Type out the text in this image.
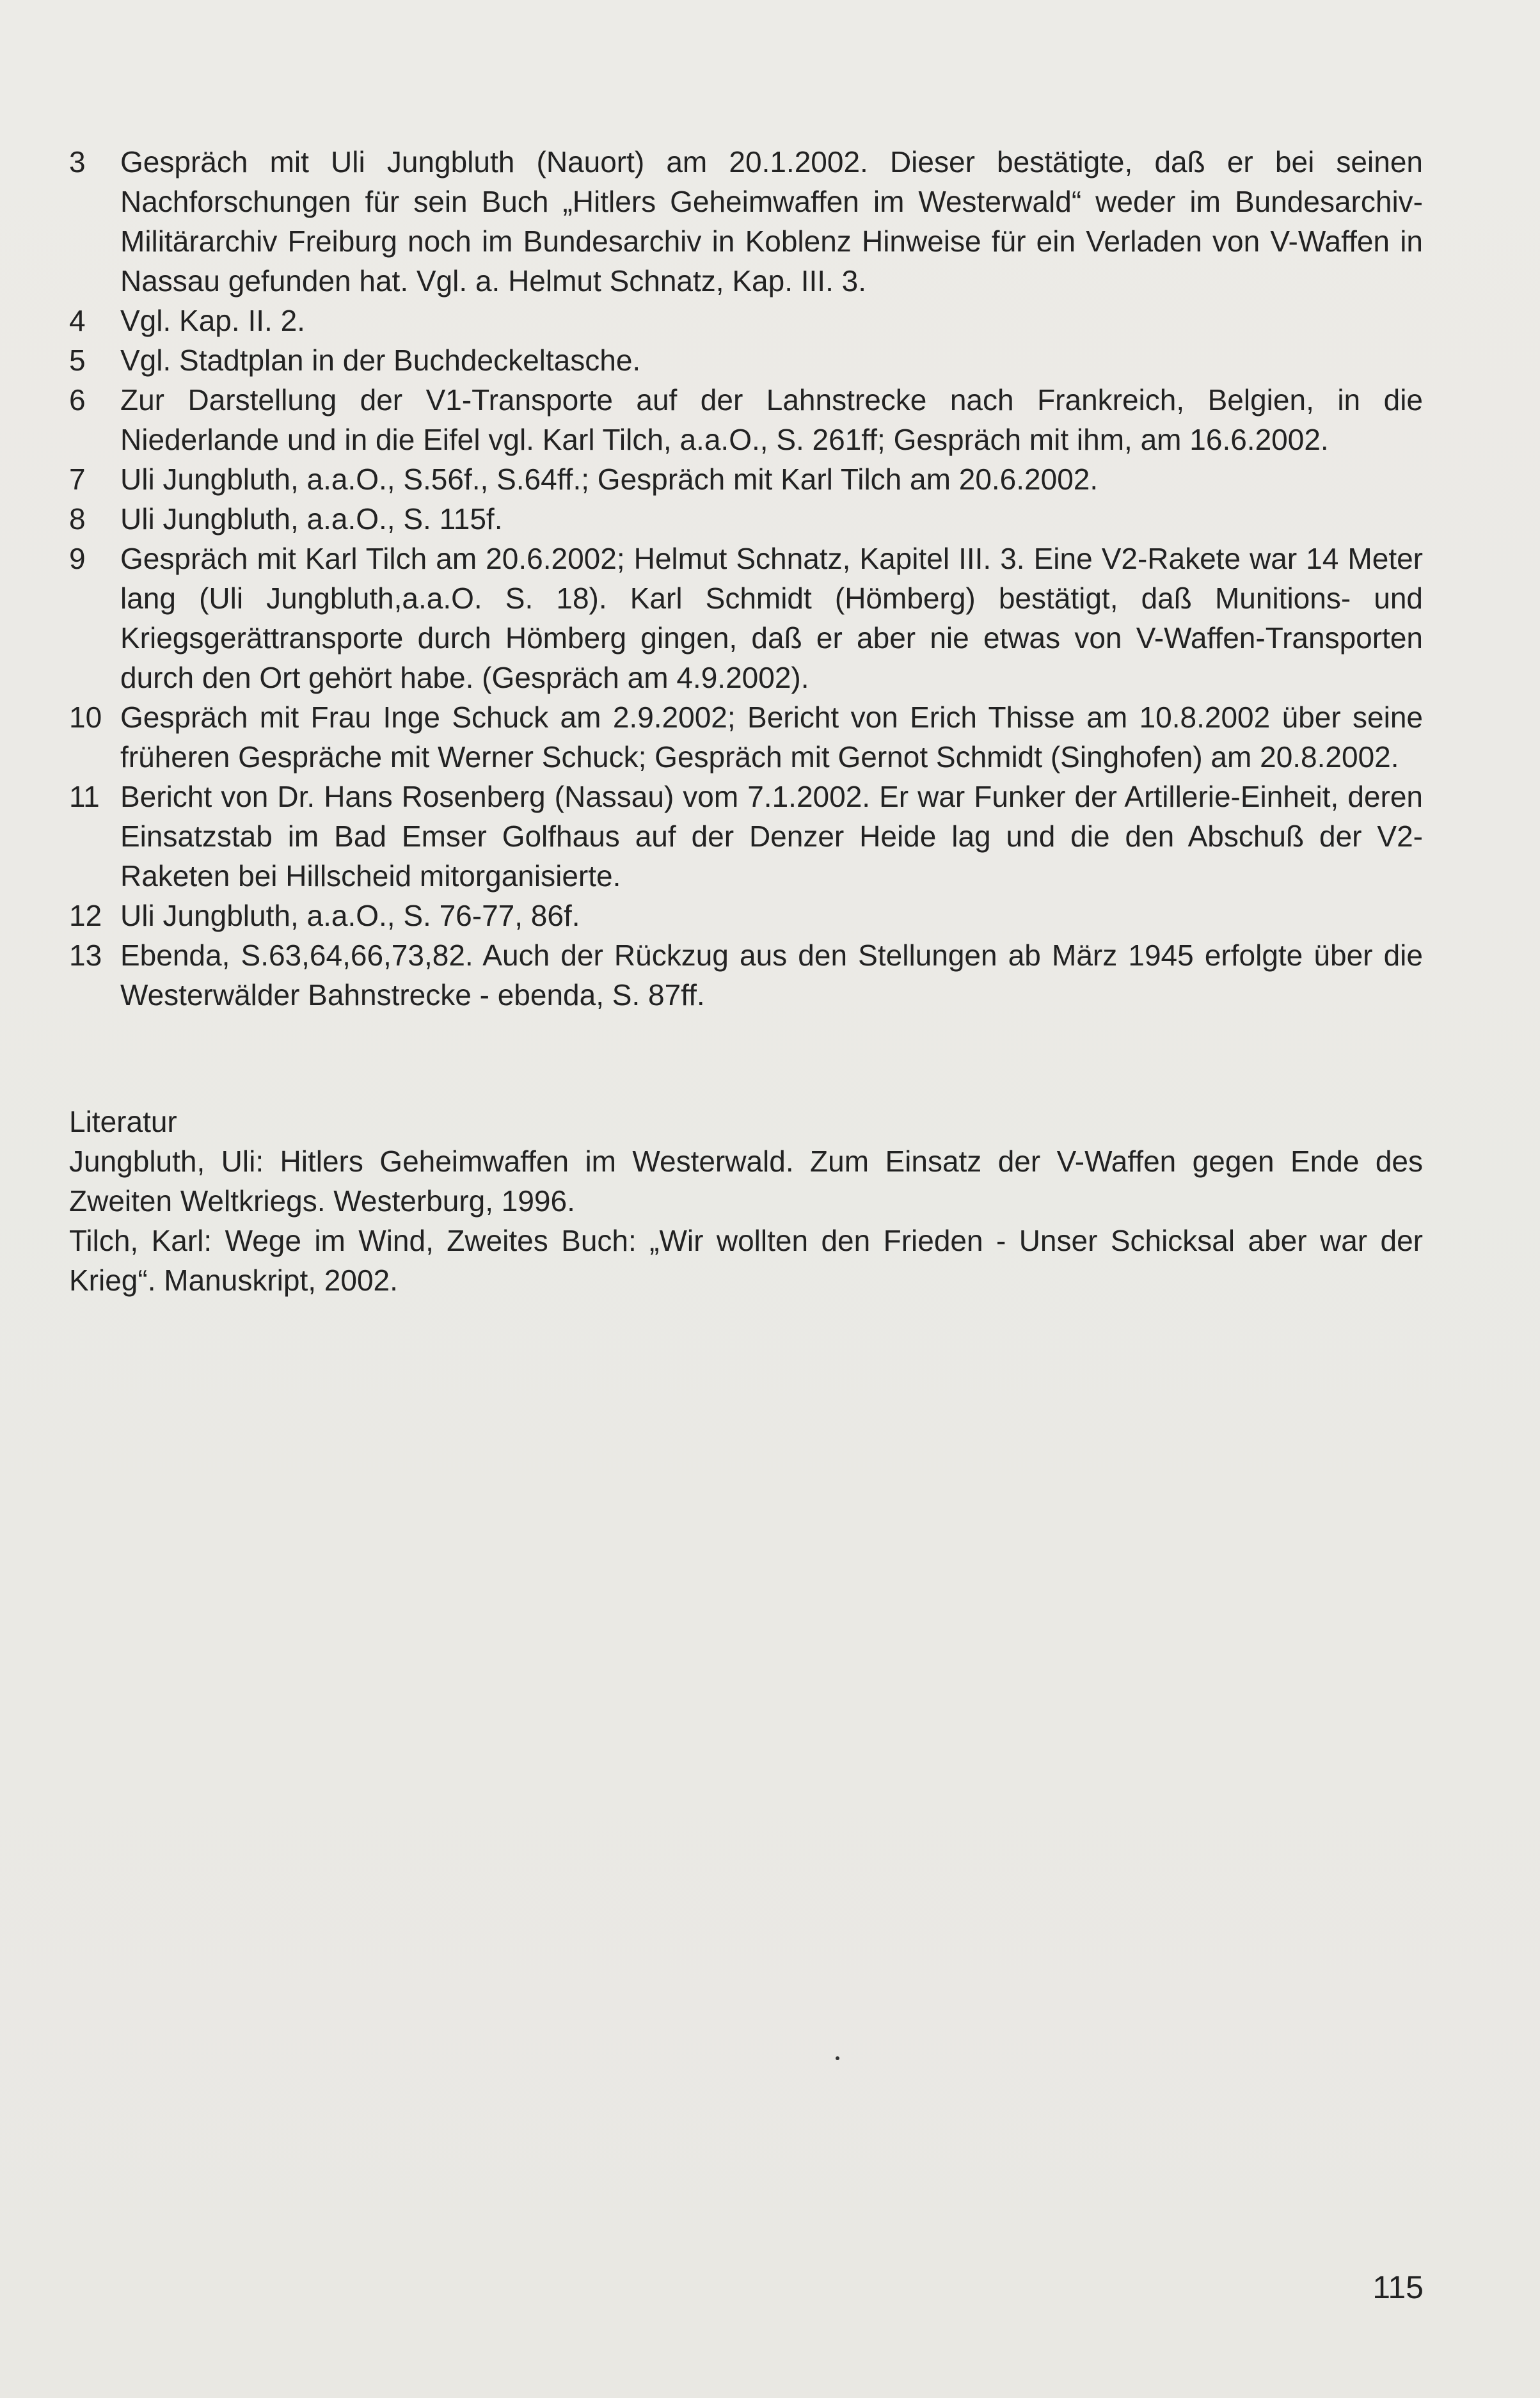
3	Gespräch mit Uli Jungbluth (Nauort) am 20.1.2002. Dieser bestätigte, daß er bei seinen Nachforschungen für sein Buch „Hitlers Geheimwaffen im Westerwald“ weder im Bundesarchiv-Militärarchiv Freiburg noch im Bundesarchiv in Koblenz Hinweise für ein Verladen von V-Waffen in Nassau gefunden hat. Vgl. a. Helmut Schnatz, Kap. III. 3.
4	Vgl. Kap. II. 2.
5	Vgl. Stadtplan in der Buchdeckeltasche.
6	Zur Darstellung der V1-Transporte auf der Lahnstrecke nach Frankreich, Belgien, in die Niederlande und in die Eifel vgl. Karl Tilch, a.a.O., S. 261ff; Gespräch mit ihm, am 16.6.2002.
7	Uli Jungbluth, a.a.O., S.56f., S.64ff.; Gespräch mit Karl Tilch am 20.6.2002.
8	Uli Jungbluth, a.a.O., S. 115f.
9	Gespräch mit Karl Tilch am 20.6.2002; Helmut Schnatz, Kapitel III. 3. Eine V2-Rakete war 14 Meter lang (Uli Jungbluth,a.a.O. S. 18). Karl Schmidt (Hömberg) bestätigt, daß Munitions- und Kriegsgerättransporte durch Hömberg gingen, daß er aber nie etwas von V-Waffen-Transporten durch den Ort gehört habe. (Gespräch am 4.9.2002).
10 Gespräch mit Frau Inge Schuck am 2.9.2002; Bericht von Erich Thisse am 10.8.2002 über seine früheren Gespräche mit Werner Schuck; Gespräch mit Gernot Schmidt (Singhofen) am 20.8.2002.
11 Bericht von Dr. Hans Rosenberg (Nassau) vom 7.1.2002. Er war Funker der Artillerie-Einheit, deren Einsatzstab im Bad Emser Golfhaus auf der Denzer Heide lag und die den Abschuß der V2-Raketen bei Hillscheid mitorganisierte.
12 Uli Jungbluth, a.a.O., S. 76-77, 86f.
13 Ebenda, S.63,64,66,73,82. Auch der Rückzug aus den Stellungen ab März 1945 erfolgte über die Westerwälder Bahnstrecke - ebenda, S. 87ff.
Literatur
Jungbluth, Uli: Hitlers Geheimwaffen im Westerwald. Zum Einsatz der V-Waffen gegen Ende des Zweiten Weltkriegs. Westerburg, 1996.
Tilch, Karl: Wege im Wind, Zweites Buch: „Wir wollten den Frieden - Unser Schicksal aber war der Krieg“. Manuskript, 2002.
115
